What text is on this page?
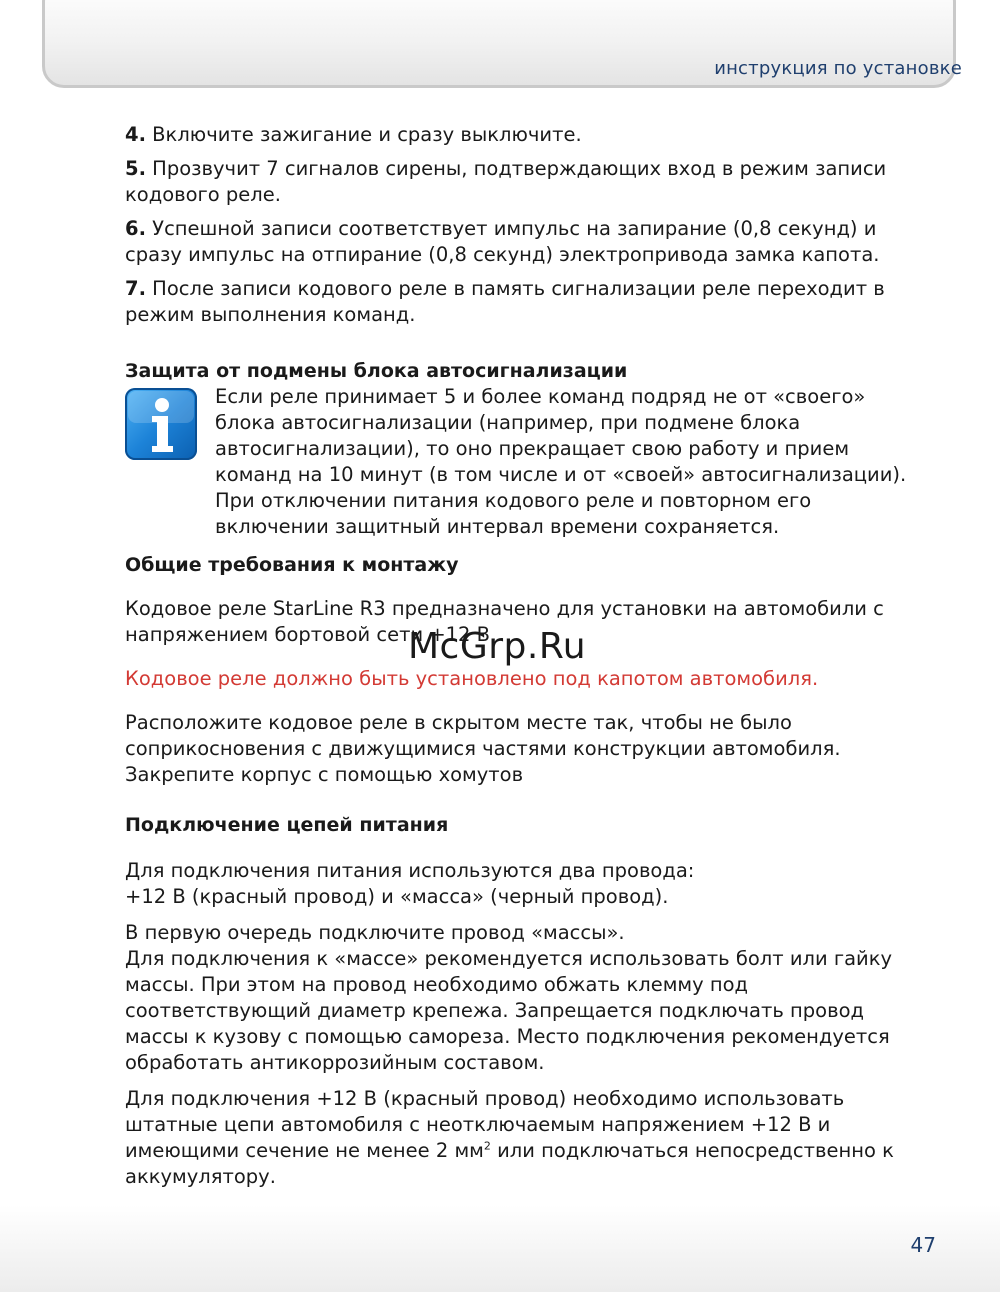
инструкция по установке

4. Включите зажигание и сразу выключите.

5. Прозвучит 7 сигналов сирены, подтверждающих вход в режим записи кодового реле.

6. Успешной записи соответствует импульс на запирание (0,8 секунд) и сразу импульс на отпирание (0,8 секунд) электропривода замка капота.

7. После записи кодового реле в память сигнализации реле переходит в режим выполнения команд.

Защита от подмены блока автосигнализации

Если реле принимает 5 и более команд подряд не от «своего» блока автосигнализации (например, при подмене блока автосигнализации), то оно прекращает свою работу и прием команд на 10 минут (в том числе и от «своей» автосигнализации). При отключении питания кодового реле и повторном его включении защитный интервал времени сохраняется.

Общие требования к монтажу

Кодовое реле StarLine R3 предназначено для установки на автомобили с напряжением бортовой сети +12 В.

Кодовое реле должно быть установлено под капотом автомобиля.

Расположите кодовое реле в скрытом месте так, чтобы не было соприкосновения с движущимися частями конструкции автомобиля. Закрепите корпус с помощью хомутов

Подключение цепей питания

Для подключения питания используются два провода:
+12 В (красный провод) и «масса» (черный провод).

В первую очередь подключите провод «массы».
Для подключения к «массе» рекомендуется использовать болт или гайку массы. При этом на провод необходимо обжать клемму под соответствующий диаметр крепежа. Запрещается подключать провод массы к кузову с помощью самореза. Место подключения рекомендуется обработать антикоррозийным составом.

Для подключения +12 В (красный провод) необходимо использовать штатные цепи автомобиля с неотключаемым напряжением +12 В и имеющими сечение не менее 2 $мм^2$ или подключаться непосредственно к аккумулятору.

McGrp.Ru
47
